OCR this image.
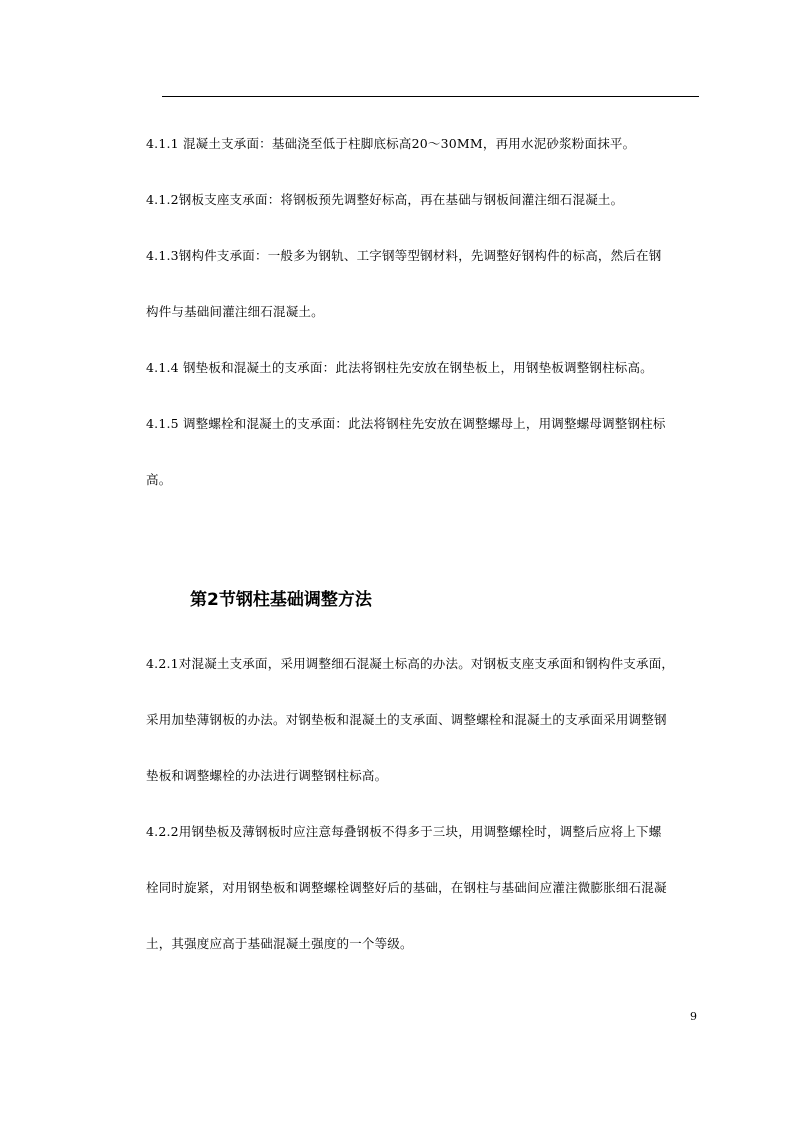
4.1.1 混凝土支承面：基础浇至低于柱脚底标高20～30MM，再用水泥砂浆粉面抹平。
4.1.2钢板支座支承面：将钢板预先调整好标高，再在基础与钢板间灌注细石混凝土。
4.1.3钢构件支承面：一般多为钢轨、工字钢等型钢材料，先调整好钢构件的标高，然后在钢
构件与基础间灌注细石混凝土。
4.1.4 钢垫板和混凝土的支承面：此法将钢柱先安放在钢垫板上，用钢垫板调整钢柱标高。
4.1.5 调整螺栓和混凝土的支承面：此法将钢柱先安放在调整螺母上，用调整螺母调整钢柱标
高。
第2节钢柱基础调整方法
4.2.1对混凝土支承面，采用调整细石混凝土标高的办法。对钢板支座支承面和钢构件支承面，
采用加垫薄钢板的办法。对钢垫板和混凝土的支承面、调整螺栓和混凝土的支承面采用调整钢
垫板和调整螺栓的办法进行调整钢柱标高。
4.2.2用钢垫板及薄钢板时应注意每叠钢板不得多于三块，用调整螺栓时，调整后应将上下螺
栓同时旋紧，对用钢垫板和调整螺栓调整好后的基础，在钢柱与基础间应灌注微膨胀细石混凝
土，其强度应高于基础混凝土强度的一个等级。
9
